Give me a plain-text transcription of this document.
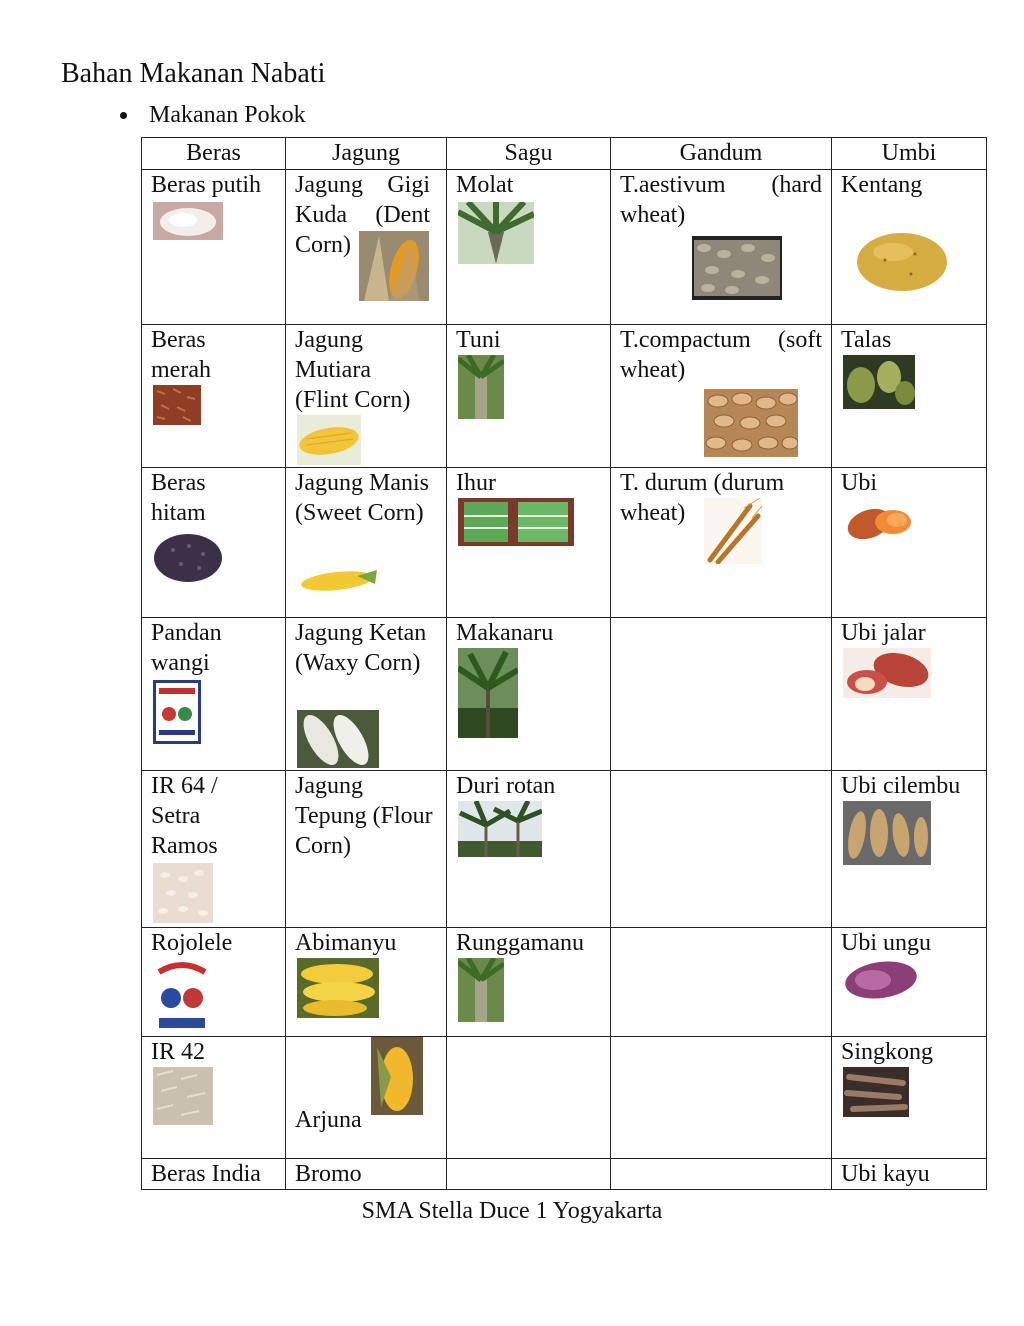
Bahan Makanan Nabati
Makanan Pokok
Beras	Jagung	Sagu	Gandum	Umbi

Beras putih	Jagung Gigi Kuda (Dent Corn)	Molat	T.aestivum (hard wheat)	Kentang

Beras merah	Jagung Mutiara (Flint Corn)	Tuni	T.compactum (soft wheat)	Talas

Beras hitam	Jagung Manis (Sweet Corn)	Ihur	T. durum (durum wheat)	Ubi

Pandan wangi	Jagung Ketan (Waxy Corn)	Makanaru		Ubi jalar

IR 64 / Setra Ramos	Jagung Tepung (Flour Corn)	Duri rotan		Ubi cilembu

Rojolele	Abimanyu	Runggamanu		Ubi ungu

IR 42	Arjuna			Singkong

Beras India	Bromo			Ubi kayu
SMA Stella Duce 1 Yogyakarta
